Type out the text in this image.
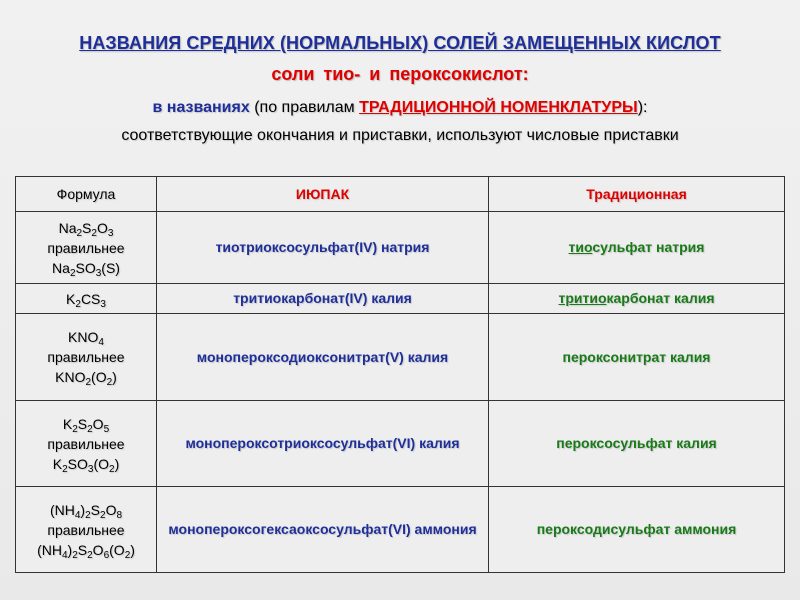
НАЗВАНИЯ СРЕДНИХ (НОРМАЛЬНЫХ) СОЛЕЙ ЗАМЕЩЕННЫХ КИСЛОТ
соли тио- и пероксокислот:
в названиях (по правилам ТРАДИЦИОННОЙ НОМЕНКЛАТУРЫ):
соответствующие окончания и приставки, используют числовые приставки
Формула	ИЮПАК	Традиционная

$Na_2S_2O_3$
правильнее
$Na_2SO_3(S)$	тиотриоксосульфат(IV) натрия	тиосульфат натрия

$K_2CS_3$	тритиокарбонат(IV) калия	тритиокарбонат калия

$KNO_4$
правильнее
$KNO_2(O_2)$	монопероксодиоксонитрат(V) калия	пероксонитрат калия

$K_2S_2O_5$
правильнее
$K_2SO_3(O_2)$	монопероксотриоксосульфат(VI) калия	пероксосульфат калия

$(NH_4)_2S_2O_8$
правильнее
$(NH_4)_2S_2O_6(O_2)$	монопероксогексаоксосульфат(VI) аммония	пероксодисульфат аммония
